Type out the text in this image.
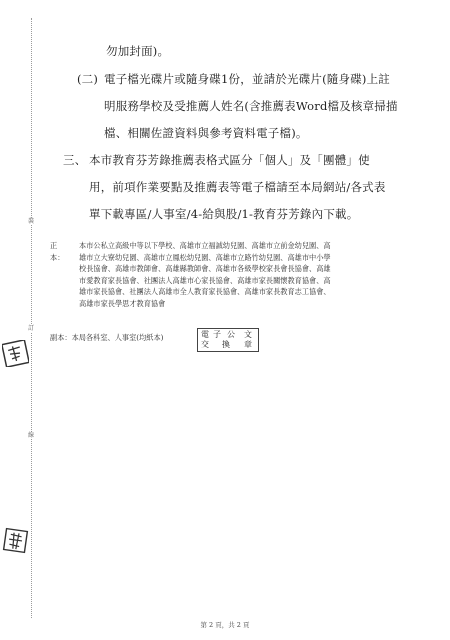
裝
訂
線
勿加封面)。
(二) 電子檔光碟片或隨身碟1份，並請於光碟片(隨身碟)上註
明服務學校及受推薦人姓名(含推薦表Word檔及核章掃描
檔、相關佐證資料與參考資料電子檔)。
三、 本市教育芬芳錄推薦表格式區分「個人」及「團體」使
用，前項作業要點及推薦表等電子檔請至本局網站/各式表
單下載專區/人事室/4-給與股/1-教育芬芳錄內下載。
正本：
本市公私立高級中等以下學校、高雄市立福誠幼兒園、高雄市立前金幼兒園、高
雄市立大寮幼兒園、高雄市立鳳松幼兒園、高雄市立路竹幼兒園、高雄市中小學
校長協會、高雄市教師會、高雄縣教師會、高雄市各級學校家長會長協會、高雄
市愛教育家長協會、社團法人高雄市心家長協會、高雄市家長關懷教育協會、高
雄市家長協會、社團法人高雄市全人教育家長協會、高雄市家長教育志工協會、
高雄市家長學思才教育協會
副本：本局各科室、人事室(均紙本)	電 子 公 文
交 換 章
第 2 頁，共 2 頁
